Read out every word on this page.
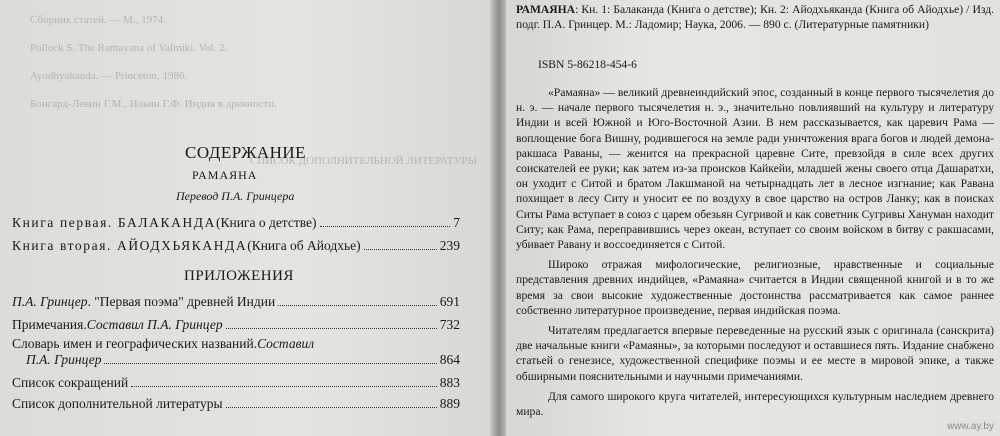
Сборник статей. — М., 1974.
Pollock S. The Ramayana of Valmiki. Vol. 2.
Ayodhyakanda. — Princeton, 1986.
Бонгард-Левин Г.М., Ильин Г.Ф. Индия в древности.
СПИСОК ДОПОЛНИТЕЛЬНОЙ ЛИТЕРАТУРЫ
СОДЕРЖАНИЕ
РАМАЯНА
Перевод П.А. Гринцера
Книга первая. БАЛАКАНДА (Книга о детстве)	7
Книга вторая. АЙОДХЬЯКАНДА (Книга об Айодхье)	239
ПРИЛОЖЕНИЯ
П.А. Гринцер . "Первая поэма" древней Индии	691
Примечания. Составил П.А. Гринцер	732
Словарь имен и географических названий. Составил
П.А. Гринцер	864
Список сокращений	883
Список дополнительной литературы	889
РАМАЯНА: Кн. 1: Балаканда (Книга о детстве); Кн. 2: Айодхьяканда (Книга об Айодхье) / Изд. подг. П.А. Гринцер. М.: Ладомир; Наука, 2006. — 890 с. (Литературные памятники)
ISBN 5-86218-454-6

«Рамаяна» — великий древнеиндийский эпос, созданный в конце первого тысячелетия до н. э. — начале первого тысячелетия н. э., значительно повлиявший на культуру и литературу Индии и всей Южной и Юго-Восточной Азии. В нем рассказывается, как царевич Рама — воплощение бога Вишну, родившегося на земле ради уничтожения врага богов и людей демона-ракшаса Раваны, — женится на прекрасной царевне Сите, превзойдя в силе всех других соискателей ее руки; как затем из-за происков Кайкейи, младшей жены своего отца Дашаратхи, он уходит с Ситой и братом Лакшманой на четырнадцать лет в лесное изгнание; как Равана похищает в лесу Ситу и уносит ее по воздуху в свое царство на остров Ланку; как в поисках Ситы Рама вступает в союз с царем обезьян Сугривой и как советник Сугривы Хануман находит Ситу; как Рама, переправившись через океан, вступает со своим войском в битву с ракшасами, убивает Равану и воссоединяется с Ситой.

Широко отражая мифологические, религиозные, нравственные и социальные представления древних индийцев, «Рамаяна» считается в Индии священной книгой и в то же время за свои высокие художественные достоинства рассматривается как самое раннее собственно литературное произведение, первая индийская поэма.

Читателям предлагается впервые переведенные на русский язык с оригинала (санскрита) две начальные книги «Рамаяны», за которыми последуют и оставшиеся пять. Издание снабжено статьей о генезисе, художественной специфике поэмы и ее месте в мировой эпике, а также обширными пояснительными и научными примечаниями.

Для самого широкого круга читателей, интересующихся культурным наследием древнего мира.

www.ay.by
